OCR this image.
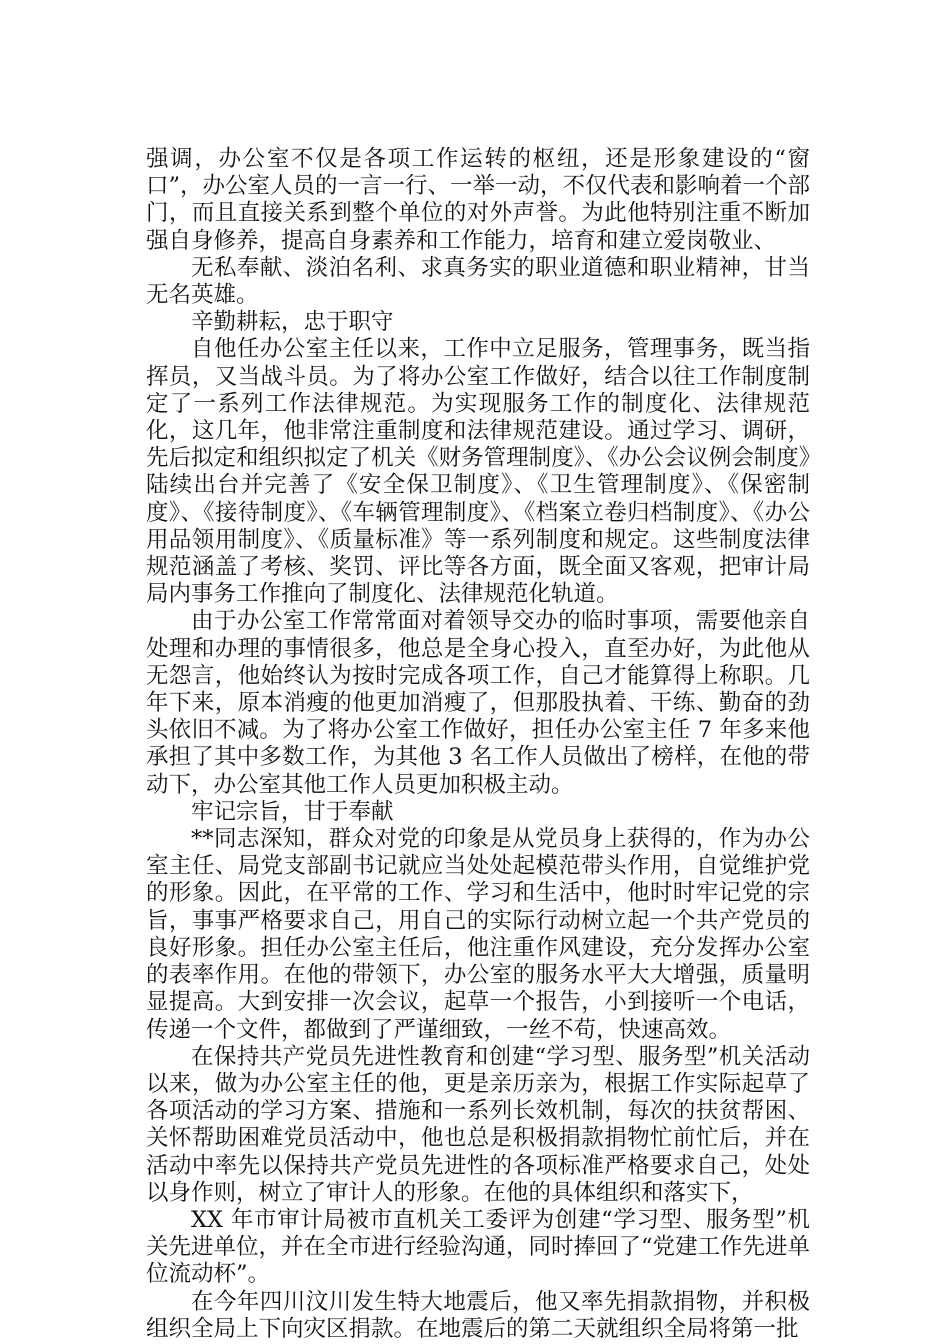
强调，办公室不仅是各项工作运转的枢纽，还是形象建设的“窗口”，办公室人员的一言一行、一举一动，不仅代表和影响着一个部门，而且直接关系到整个单位的对外声誉。为此他特别注重不断加强自身修养，提高自身素养和工作能力，培育和建立爱岗敬业、

无私奉献、淡泊名利、求真务实的职业道德和职业精神，甘当无名英雄。

辛勤耕耘，忠于职守

自他任办公室主任以来，工作中立足服务，管理事务，既当指挥员，又当战斗员。为了将办公室工作做好，结合以往工作制度制定了一系列工作法律规范。为实现服务工作的制度化、法律规范化，这几年，他非常注重制度和法律规范建设。通过学习、调研，先后拟定和组织拟定了机关《财务管理制度》、《办公会议例会制度》陆续出台并完善了《安全保卫制度》、《卫生管理制度》、《保密制度》、《接待制度》、《车辆管理制度》、《档案立卷归档制度》、《办公用品领用制度》、《质量标准》等一系列制度和规定。这些制度法律规范涵盖了考核、奖罚、评比等各方面，既全面又客观，把审计局局内事务工作推向了制度化、法律规范化轨道。

由于办公室工作常常面对着领导交办的临时事项，需要他亲自处理和办理的事情很多，他总是全身心投入，直至办好，为此他从无怨言，他始终认为按时完成各项工作，自己才能算得上称职。几年下来，原本消瘦的他更加消瘦了，但那股执着、干练、勤奋的劲头依旧不减。为了将办公室工作做好，担任办公室主任 7 年多来他承担了其中多数工作，为其他 3 名工作人员做出了榜样，在他的带动下，办公室其他工作人员更加积极主动。

牢记宗旨，甘于奉献

**同志深知，群众对党的印象是从党员身上获得的，作为办公室主任、局党支部副书记就应当处处起模范带头作用，自觉维护党的形象。因此，在平常的工作、学习和生活中，他时时牢记党的宗旨，事事严格要求自己，用自己的实际行动树立起一个共产党员的良好形象。担任办公室主任后，他注重作风建设，充分发挥办公室的表率作用。在他的带领下，办公室的服务水平大大增强，质量明显提高。大到安排一次会议，起草一个报告，小到接听一个电话，传递一个文件，都做到了严谨细致，一丝不苟，快速高效。

在保持共产党员先进性教育和创建“学习型、服务型”机关活动以来，做为办公室主任的他，更是亲历亲为，根据工作实际起草了各项活动的学习方案、措施和一系列长效机制，每次的扶贫帮困、关怀帮助困难党员活动中，他也总是积极捐款捐物忙前忙后，并在活动中率先以保持共产党员先进性的各项标准严格要求自己，处处以身作则，树立了审计人的形象。在他的具体组织和落实下，

XX 年市审计局被市直机关工委评为创建“学习型、服务型”机关先进单位，并在全市进行经验沟通，同时捧回了“党建工作先进单位流动杯”。

在今年四川汶川发生特大地震后，他又率先捐款捐物，并积极组织全局上下向灾区捐款。在地震后的第二天就组织全局将第一批
